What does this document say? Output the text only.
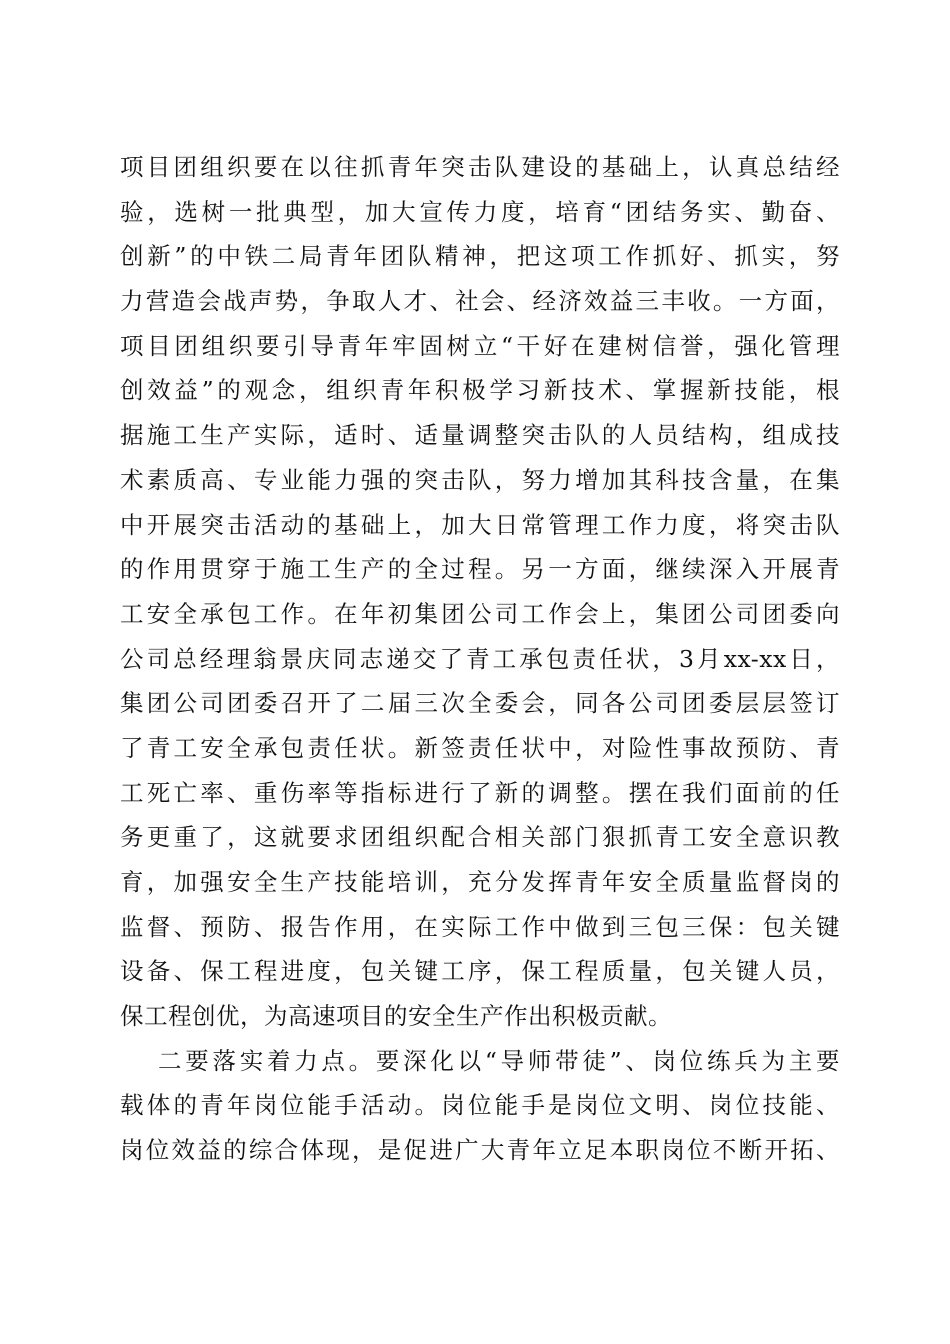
项目团组织要在以往抓青年突击队建设的基础上，认真总结经
验，选树一批典型，加大宣传力度，培育“团结务实、勤奋、
创新”的中铁二局青年团队精神，把这项工作抓好、抓实，努
力营造会战声势，争取人才、社会、经济效益三丰收。一方面，
项目团组织要引导青年牢固树立“干好在建树信誉，强化管理
创效益”的观念，组织青年积极学习新技术、掌握新技能，根
据施工生产实际，适时、适量调整突击队的人员结构，组成技
术素质高、专业能力强的突击队，努力增加其科技含量，在集
中开展突击活动的基础上，加大日常管理工作力度，将突击队
的作用贯穿于施工生产的全过程。另一方面，继续深入开展青
工安全承包工作。在年初集团公司工作会上，集团公司团委向
公司总经理翁景庆同志递交了青工承包责任状，3月xx-xx日，
集团公司团委召开了二届三次全委会，同各公司团委层层签订
了青工安全承包责任状。新签责任状中，对险性事故预防、青
工死亡率、重伤率等指标进行了新的调整。摆在我们面前的任
务更重了，这就要求团组织配合相关部门狠抓青工安全意识教
育，加强安全生产技能培训，充分发挥青年安全质量监督岗的
监督、预防、报告作用，在实际工作中做到三包三保：包关键
设备、保工程进度，包关键工序，保工程质量，包关键人员，
保工程创优，为高速项目的安全生产作出积极贡献。
二要落实着力点。要深化以“导师带徒”、岗位练兵为主要
载体的青年岗位能手活动。岗位能手是岗位文明、岗位技能、
岗位效益的综合体现，是促进广大青年立足本职岗位不断开拓、
